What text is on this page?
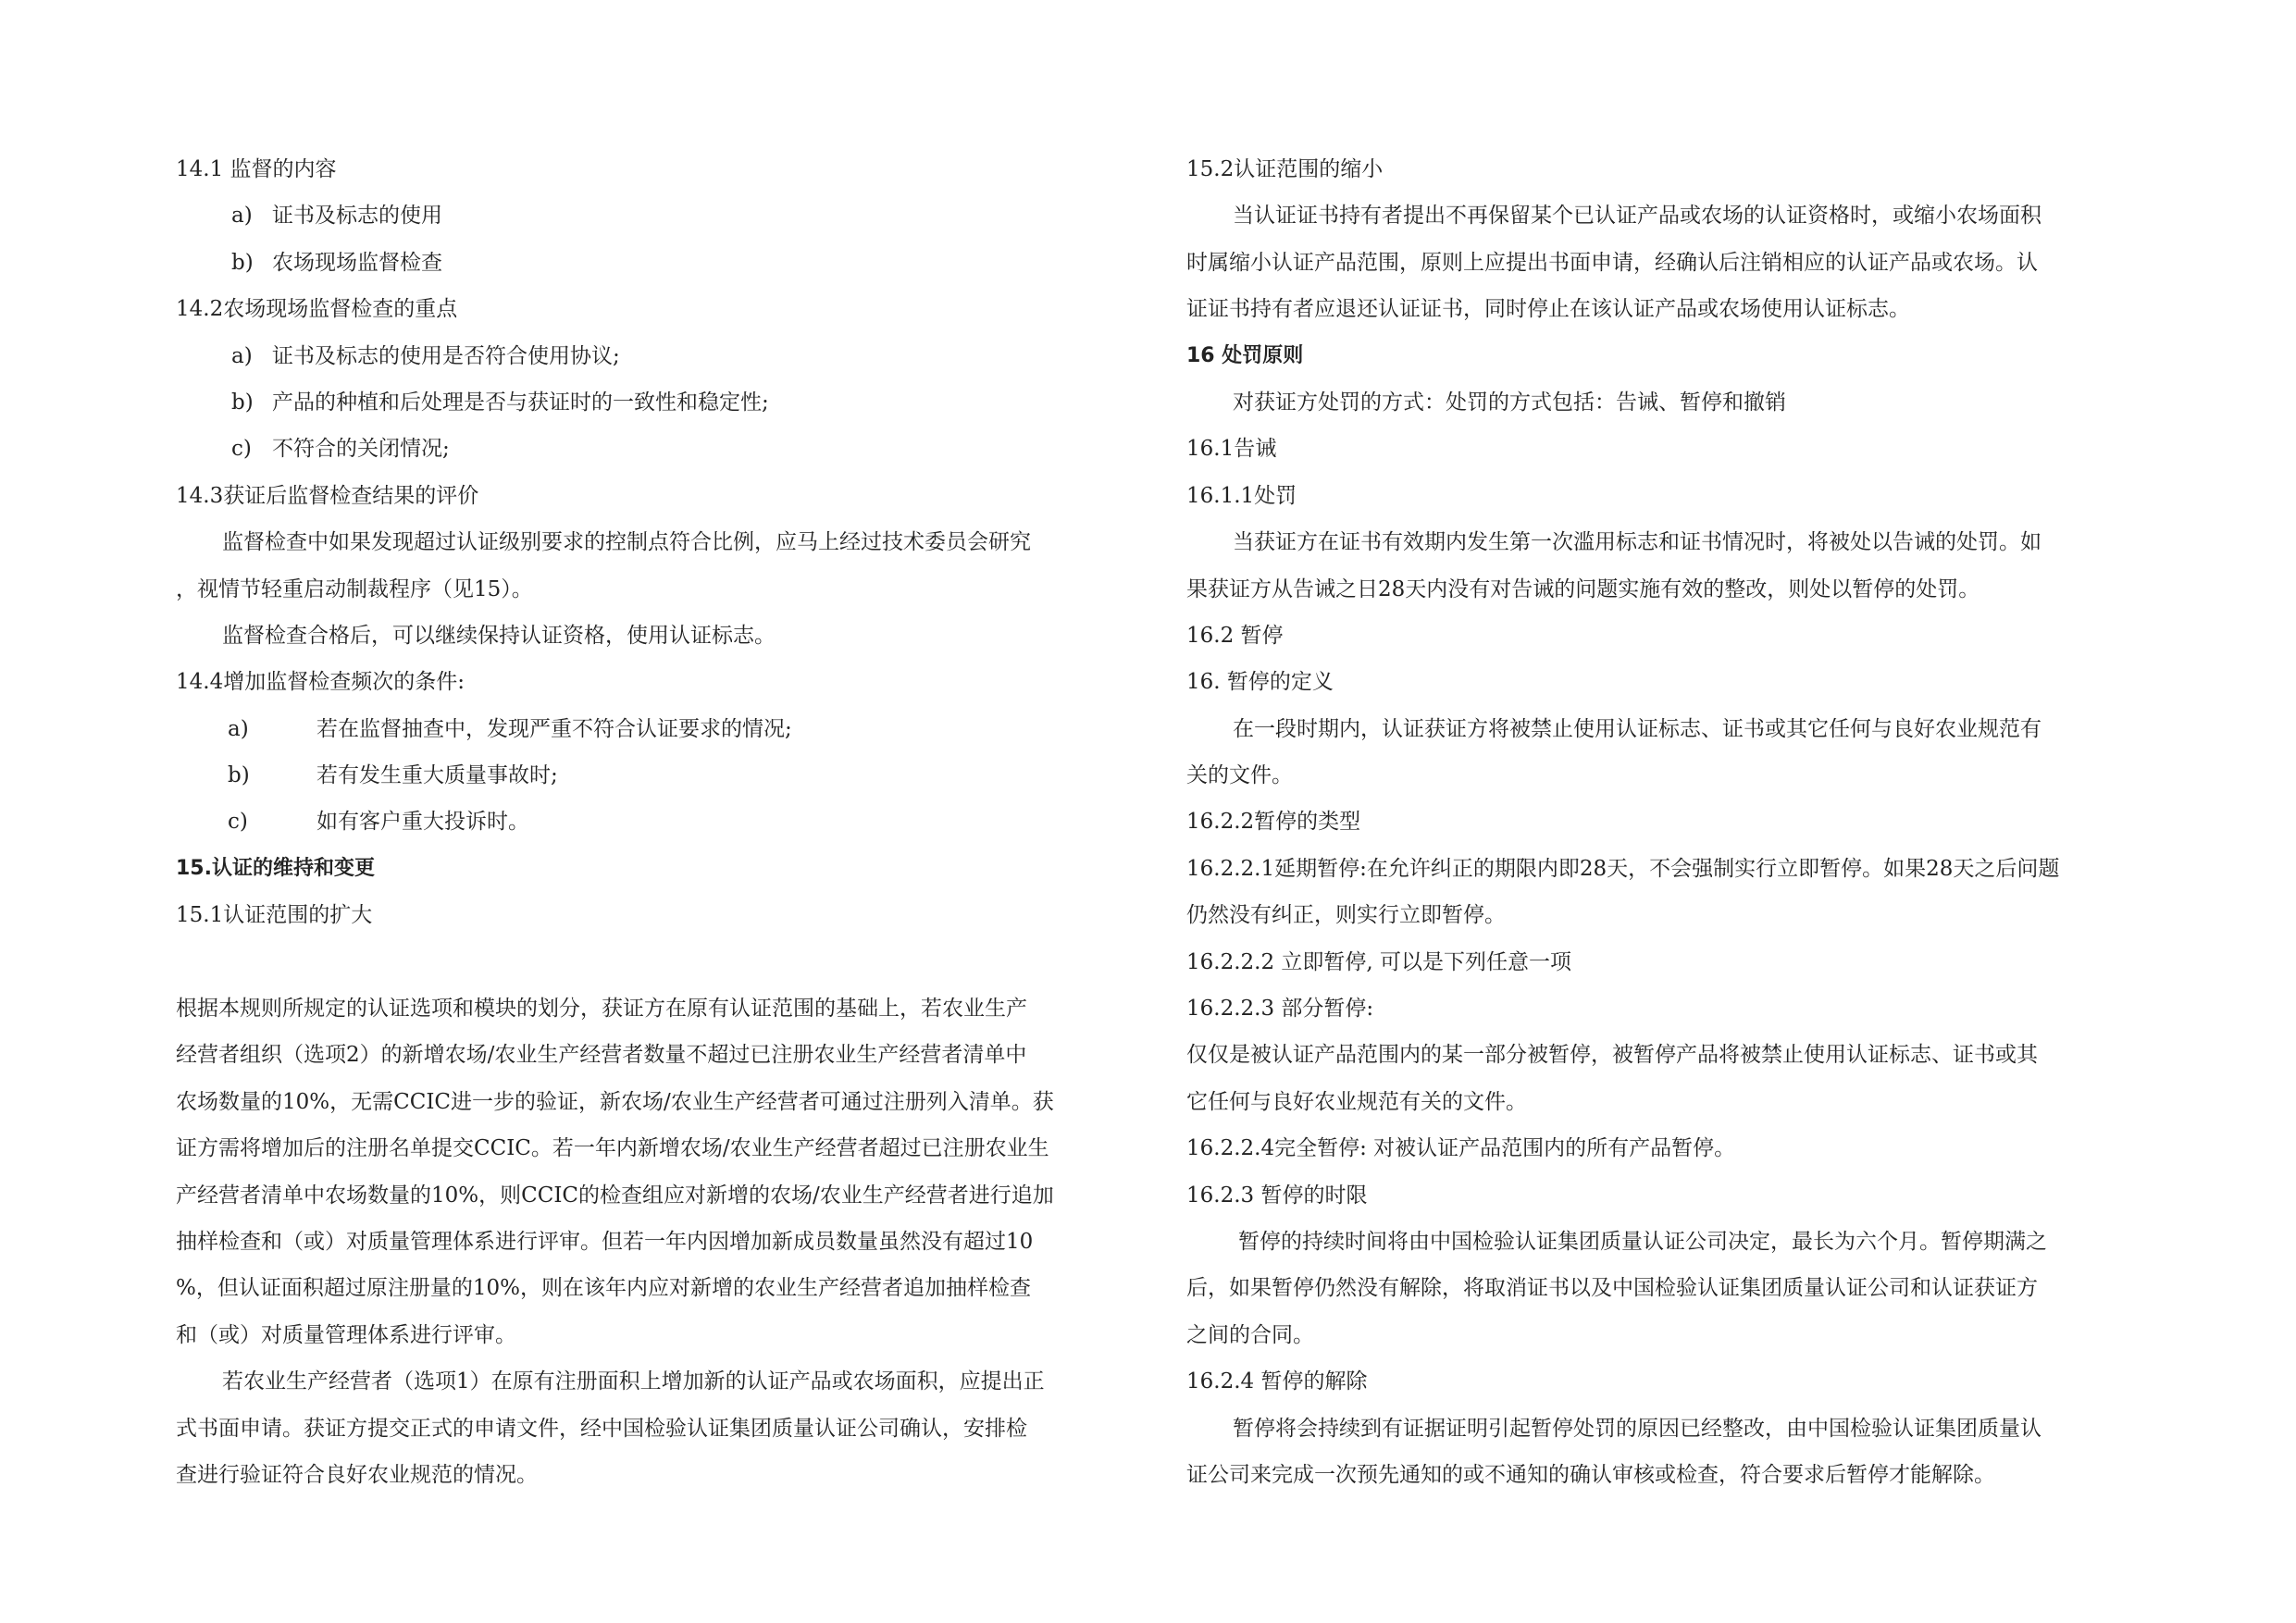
14.1 监督的内容
a) 证书及标志的使用
b) 农场现场监督检查
14.2农场现场监督检查的重点
a) 证书及标志的使用是否符合使用协议;
b) 产品的种植和后处理是否与获证时的一致性和稳定性;
c) 不符合的关闭情况;
14.3获证后监督检查结果的评价
监督检查中如果发现超过认证级别要求的控制点符合比例，应马上经过技术委员会研究
，视情节轻重启动制裁程序（见15）。
监督检查合格后，可以继续保持认证资格，使用认证标志。
14.4增加监督检查频次的条件:
a)	若在监督抽查中，发现严重不符合认证要求的情况;
b)	若有发生重大质量事故时;
c)	如有客户重大投诉时。
15.认证的维持和变更
15.1认证范围的扩大
根据本规则所规定的认证选项和模块的划分，获证方在原有认证范围的基础上，若农业生产
经营者组织（选项2）的新增农场/农业生产经营者数量不超过已注册农业生产经营者清单中
农场数量的10%，无需CCIC进一步的验证，新农场/农业生产经营者可通过注册列入清单。获
证方需将增加后的注册名单提交CCIC。若一年内新增农场/农业生产经营者超过已注册农业生
产经营者清单中农场数量的10%，则CCIC的检查组应对新增的农场/农业生产经营者进行追加
抽样检查和（或）对质量管理体系进行评审。但若一年内因增加新成员数量虽然没有超过10
%，但认证面积超过原注册量的10%，则在该年内应对新增的农业生产经营者追加抽样检查
和（或）对质量管理体系进行评审。
若农业生产经营者（选项1）在原有注册面积上增加新的认证产品或农场面积，应提出正
式书面申请。获证方提交正式的申请文件，经中国检验认证集团质量认证公司确认，安排检
查进行验证符合良好农业规范的情况。
15.2认证范围的缩小
当认证证书持有者提出不再保留某个已认证产品或农场的认证资格时，或缩小农场面积
时属缩小认证产品范围，原则上应提出书面申请，经确认后注销相应的认证产品或农场。认
证证书持有者应退还认证证书，同时停止在该认证产品或农场使用认证标志。
16 处罚原则
对获证方处罚的方式：处罚的方式包括：告诫、暂停和撤销
16.1告诫
16.1.1处罚
当获证方在证书有效期内发生第一次滥用标志和证书情况时，将被处以告诫的处罚。如
果获证方从告诫之日28天内没有对告诫的问题实施有效的整改，则处以暂停的处罚。
16.2 暂停
16. 暂停的定义
在一段时期内，认证获证方将被禁止使用认证标志、证书或其它任何与良好农业规范有
关的文件。
16.2.2暂停的类型
16.2.2.1延期暂停:在允许纠正的期限内即28天，不会强制实行立即暂停。如果28天之后问题
仍然没有纠正，则实行立即暂停。
16.2.2.2 立即暂停, 可以是下列任意一项
16.2.2.3 部分暂停:
仅仅是被认证产品范围内的某一部分被暂停，被暂停产品将被禁止使用认证标志、证书或其
它任何与良好农业规范有关的文件。
16.2.2.4完全暂停: 对被认证产品范围内的所有产品暂停。
16.2.3 暂停的时限
暂停的持续时间将由中国检验认证集团质量认证公司决定，最长为六个月。暂停期满之
后，如果暂停仍然没有解除，将取消证书以及中国检验认证集团质量认证公司和认证获证方
之间的合同。
16.2.4 暂停的解除
暂停将会持续到有证据证明引起暂停处罚的原因已经整改，由中国检验认证集团质量认
证公司来完成一次预先通知的或不通知的确认审核或检查，符合要求后暂停才能解除。
